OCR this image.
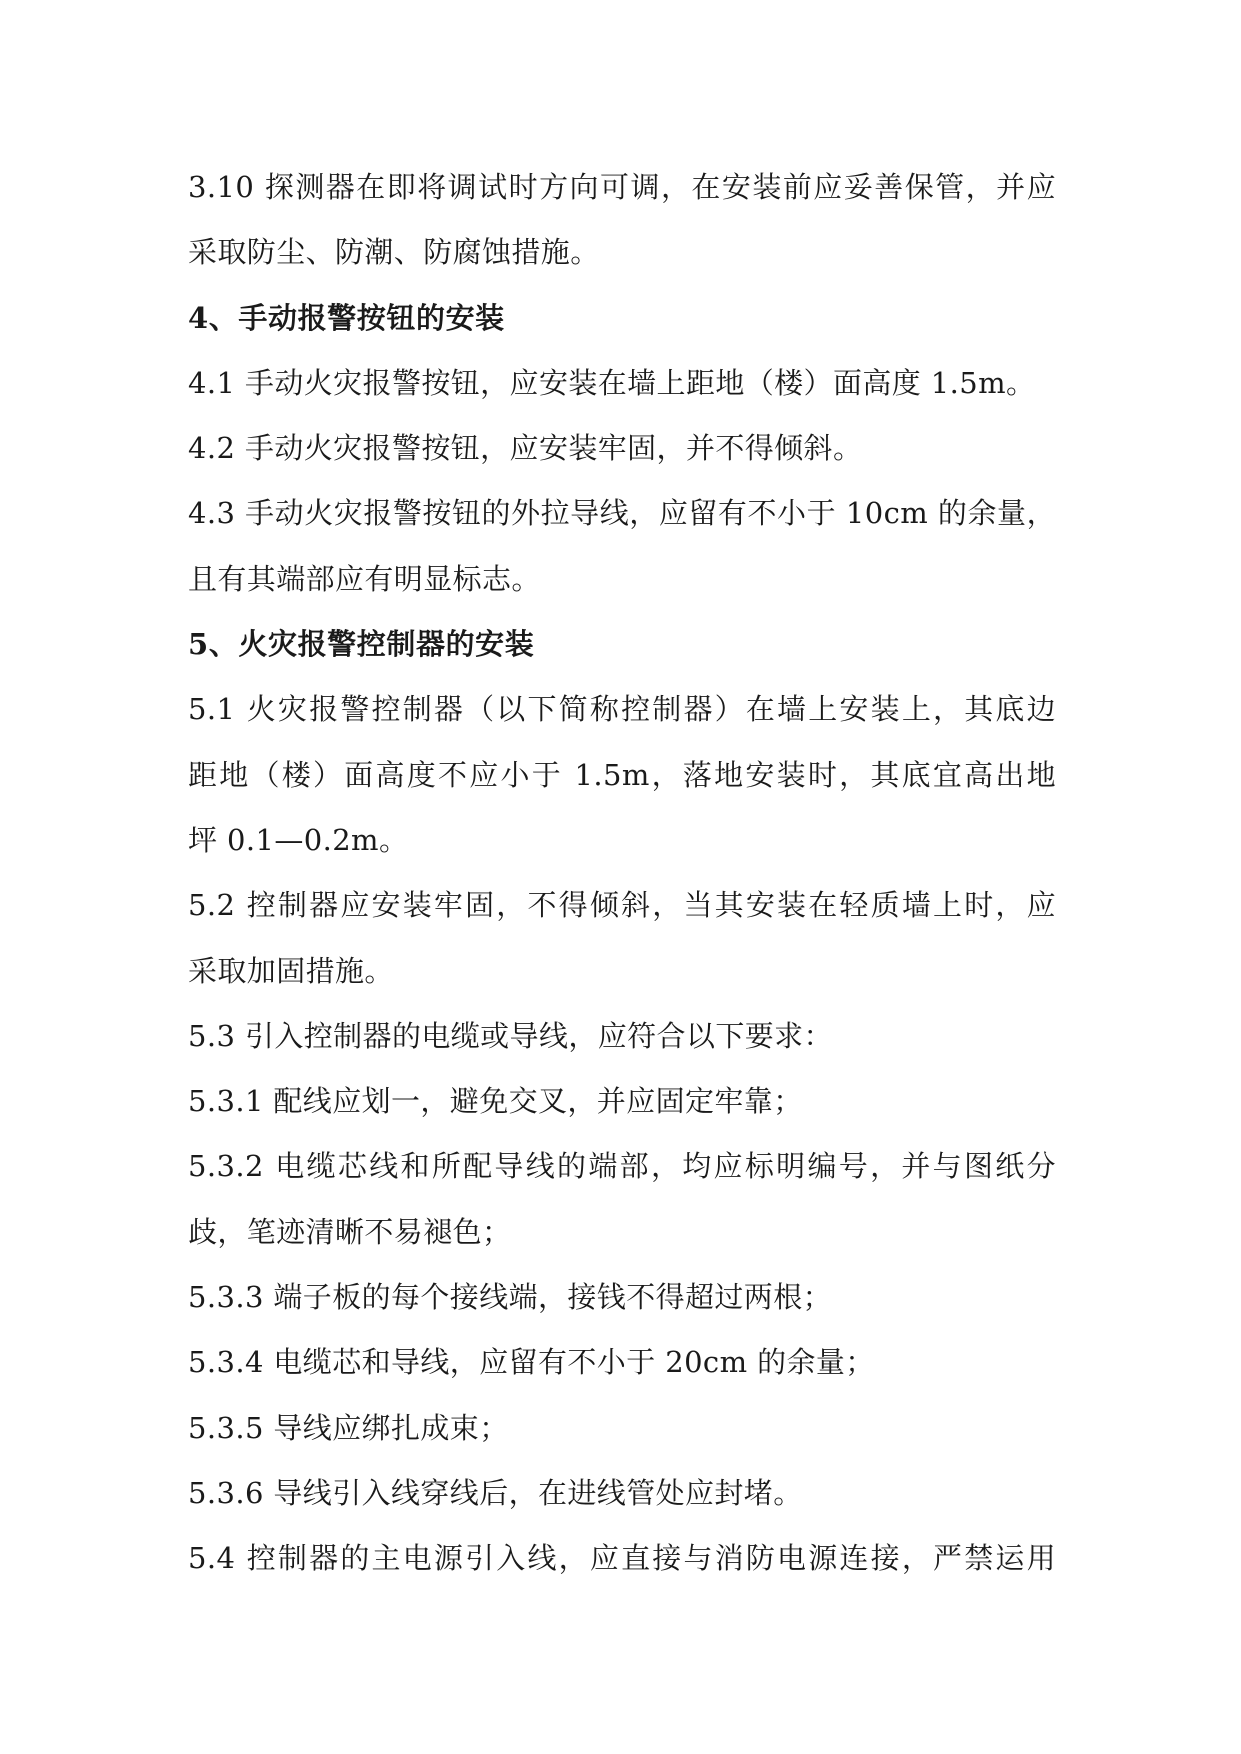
3.10 探测器在即将调试时方向可调，在安装前应妥善保管，并应
采取防尘、防潮、防腐蚀措施。
4、手动报警按钮的安装
4.1 手动火灾报警按钮，应安装在墙上距地（楼）面高度 1.5m。
4.2 手动火灾报警按钮，应安装牢固，并不得倾斜。
4.3 手动火灾报警按钮的外拉导线，应留有不小于 10cm 的余量，
且有其端部应有明显标志。
5、火灾报警控制器的安装
5.1 火灾报警控制器（以下简称控制器）在墙上安装上，其底边
距地（楼）面高度不应小于 1.5m，落地安装时，其底宜高出地
坪 0.1—0.2m。
5.2 控制器应安装牢固，不得倾斜，当其安装在轻质墙上时，应
采取加固措施。
5.3 引入控制器的电缆或导线，应符合以下要求：
5.3.1 配线应划一，避免交叉，并应固定牢靠；
5.3.2 电缆芯线和所配导线的端部，均应标明编号，并与图纸分
歧，笔迹清晰不易褪色；
5.3.3 端子板的每个接线端，接钱不得超过两根；
5.3.4 电缆芯和导线，应留有不小于 20cm 的余量；
5.3.5 导线应绑扎成束；
5.3.6 导线引入线穿线后，在进线管处应封堵。
5.4 控制器的主电源引入线，应直接与消防电源连接，严禁运用
